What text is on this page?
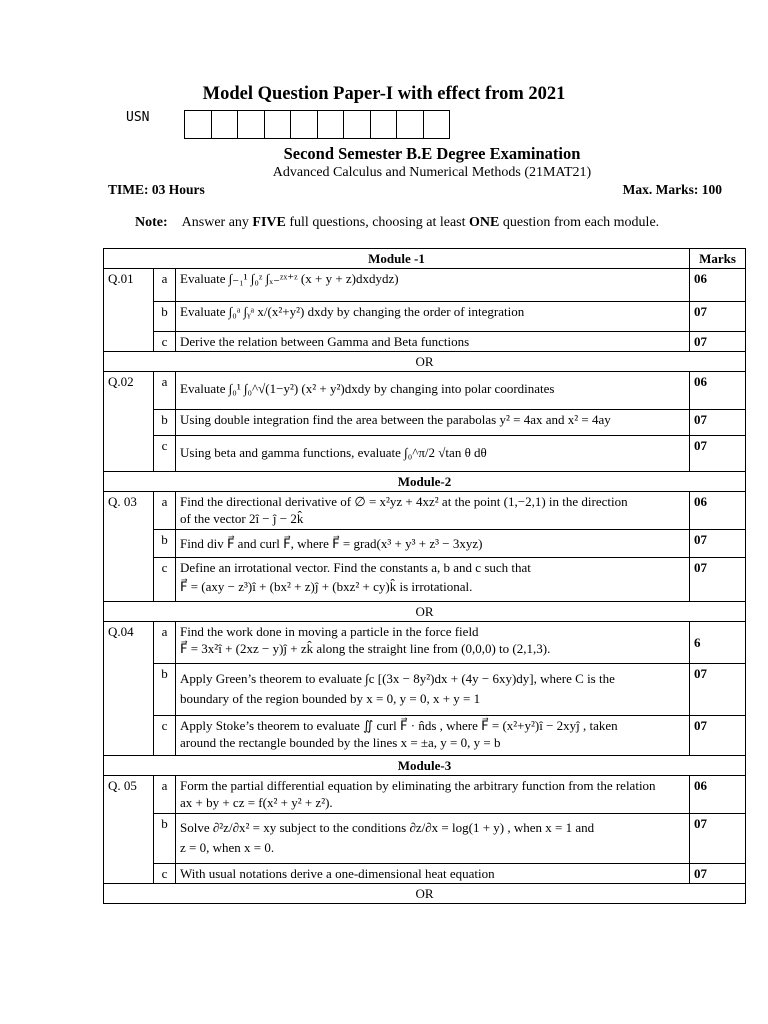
Model Question Paper-I with effect from 2021
USN
Second Semester B.E Degree Examination
Advanced Calculus and Numerical Methods (21MAT21)
TIME: 03 Hours	Max. Marks: 100
Note: Answer any FIVE full questions, choosing at least ONE question from each module.
Module -1			Marks
Q.01	a	Evaluate ∫₋₁¹ ∫₀ᶻ ∫ₓ₋ᶻˣ⁺ᶻ (x + y + z)dxdydz)	06
	b	Evaluate ∫₀ᵃ ∫ᵧᵃ x/(x²+y²) dxdy by changing the order of integration	07
	c	Derive the relation between Gamma and Beta functions	07
OR			
Q.02	a	Evaluate ∫₀¹ ∫₀^√(1−y²) (x² + y²)dxdy by changing into polar coordinates	06
	b	Using double integration find the area between the parabolas y² = 4ax and x² = 4ay	07
	c	Using beta and gamma functions, evaluate ∫₀^π/2 √tan θ dθ	07
Module-2			
Q. 03	a	Find the directional derivative of ∅ = x²yz + 4xz² at the point (1,−2,1) in the direction
of the vector 2î − ĵ − 2k̂	06
	b	Find div F⃗ and curl F⃗, where F⃗ = grad(x³ + y³ + z³ − 3xyz)	07
	c	Define an irrotational vector. Find the constants a, b and c such that
F⃗ = (axy − z³)î + (bx² + z)ĵ + (bxz² + cy)k̂ is irrotational.	07
OR			
Q.04	a	Find the work done in moving a particle in the force field
F⃗ = 3x²î + (2xz − y)ĵ + zk̂ along the straight line from (0,0,0) to (2,1,3).	6
	b	Apply Green’s theorem to evaluate ∫c [(3x − 8y²)dx + (4y − 6xy)dy], where C is the
boundary of the region bounded by x = 0, y = 0, x + y = 1	07
	c	Apply Stoke’s theorem to evaluate ∬ curl F⃗ · n̂ds , where F⃗ = (x²+y²)î − 2xyĵ , taken
around the rectangle bounded by the lines x = ±a, y = 0, y = b	07
Module-3			
Q. 05	a	Form the partial differential equation by eliminating the arbitrary function from the relation
ax + by + cz = f(x² + y² + z²).	06
	b	Solve ∂²z/∂x² = xy subject to the conditions ∂z/∂x = log(1 + y) , when x = 1 and
z = 0, when x = 0.	07
	c	With usual notations derive a one-dimensional heat equation	07
OR			
